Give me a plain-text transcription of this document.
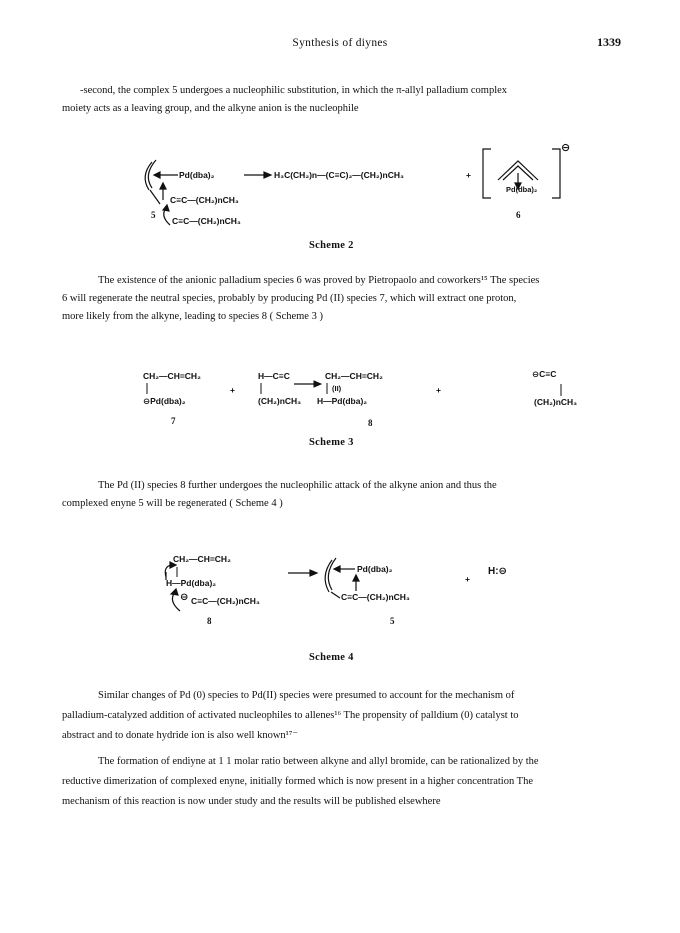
Synthesis of diynes	1339
-second, the complex 5 undergoes a nucleophilic substitution, in which the π-allyl palladium complex
moiety acts as a leaving group, and the alkyne anion is the nucleophile
Pd(dba)₂	H₃C(CH₂)n—(C≡C)₂—(CH₂)nCH₃	+
C≡C—(CH₂)nCH₃
5
C≡C—(CH₂)nCH₃
Pd(dba)₂
⊖
6
Scheme 2
The existence of the anionic palladium species 6 was proved by Pietropaolo and coworkers¹⁵ The species
6 will regenerate the neutral species, probably by producing Pd (II) species 7, which will extract one proton,
more likely from the alkyne, leading to species 8 ( Scheme 3 )
CH₂—CH=CH₂
⊖Pd(dba)₂
+
H—C≡C
(CH₂)nCH₃
CH₂—CH=CH₂
(II)
H—Pd(dba)₂
+
⊖C≡C
(CH₂)nCH₃
7	8
Scheme 3
The Pd (II) species 8 further undergoes the nucleophilic attack of the alkyne anion and thus the
complexed enyne 5 will be regenerated ( Scheme 4 )
CH₂—CH=CH₂
H—Pd(dba)₂
⊖ C≡C—(CH₂)nCH₃
8
Pd(dba)₂
+
H:⊖
C≡C—(CH₂)nCH₃
5
Scheme 4
Similar changes of Pd (0) species to Pd(II) species were presumed to account for the mechanism of
palladium-catalyzed addition of activated nucleophiles to allenes¹⁶ The propensity of palldium (0) catalyst to
abstract and to donate hydride ion is also well known¹⁷⁻
The formation of endiyne at 1 1 molar ratio between alkyne and allyl bromide, can be rationalized by the
reductive dimerization of complexed enyne, initially formed which is now present in a higher concentration The
mechanism of this reaction is now under study and the results will be published elsewhere
